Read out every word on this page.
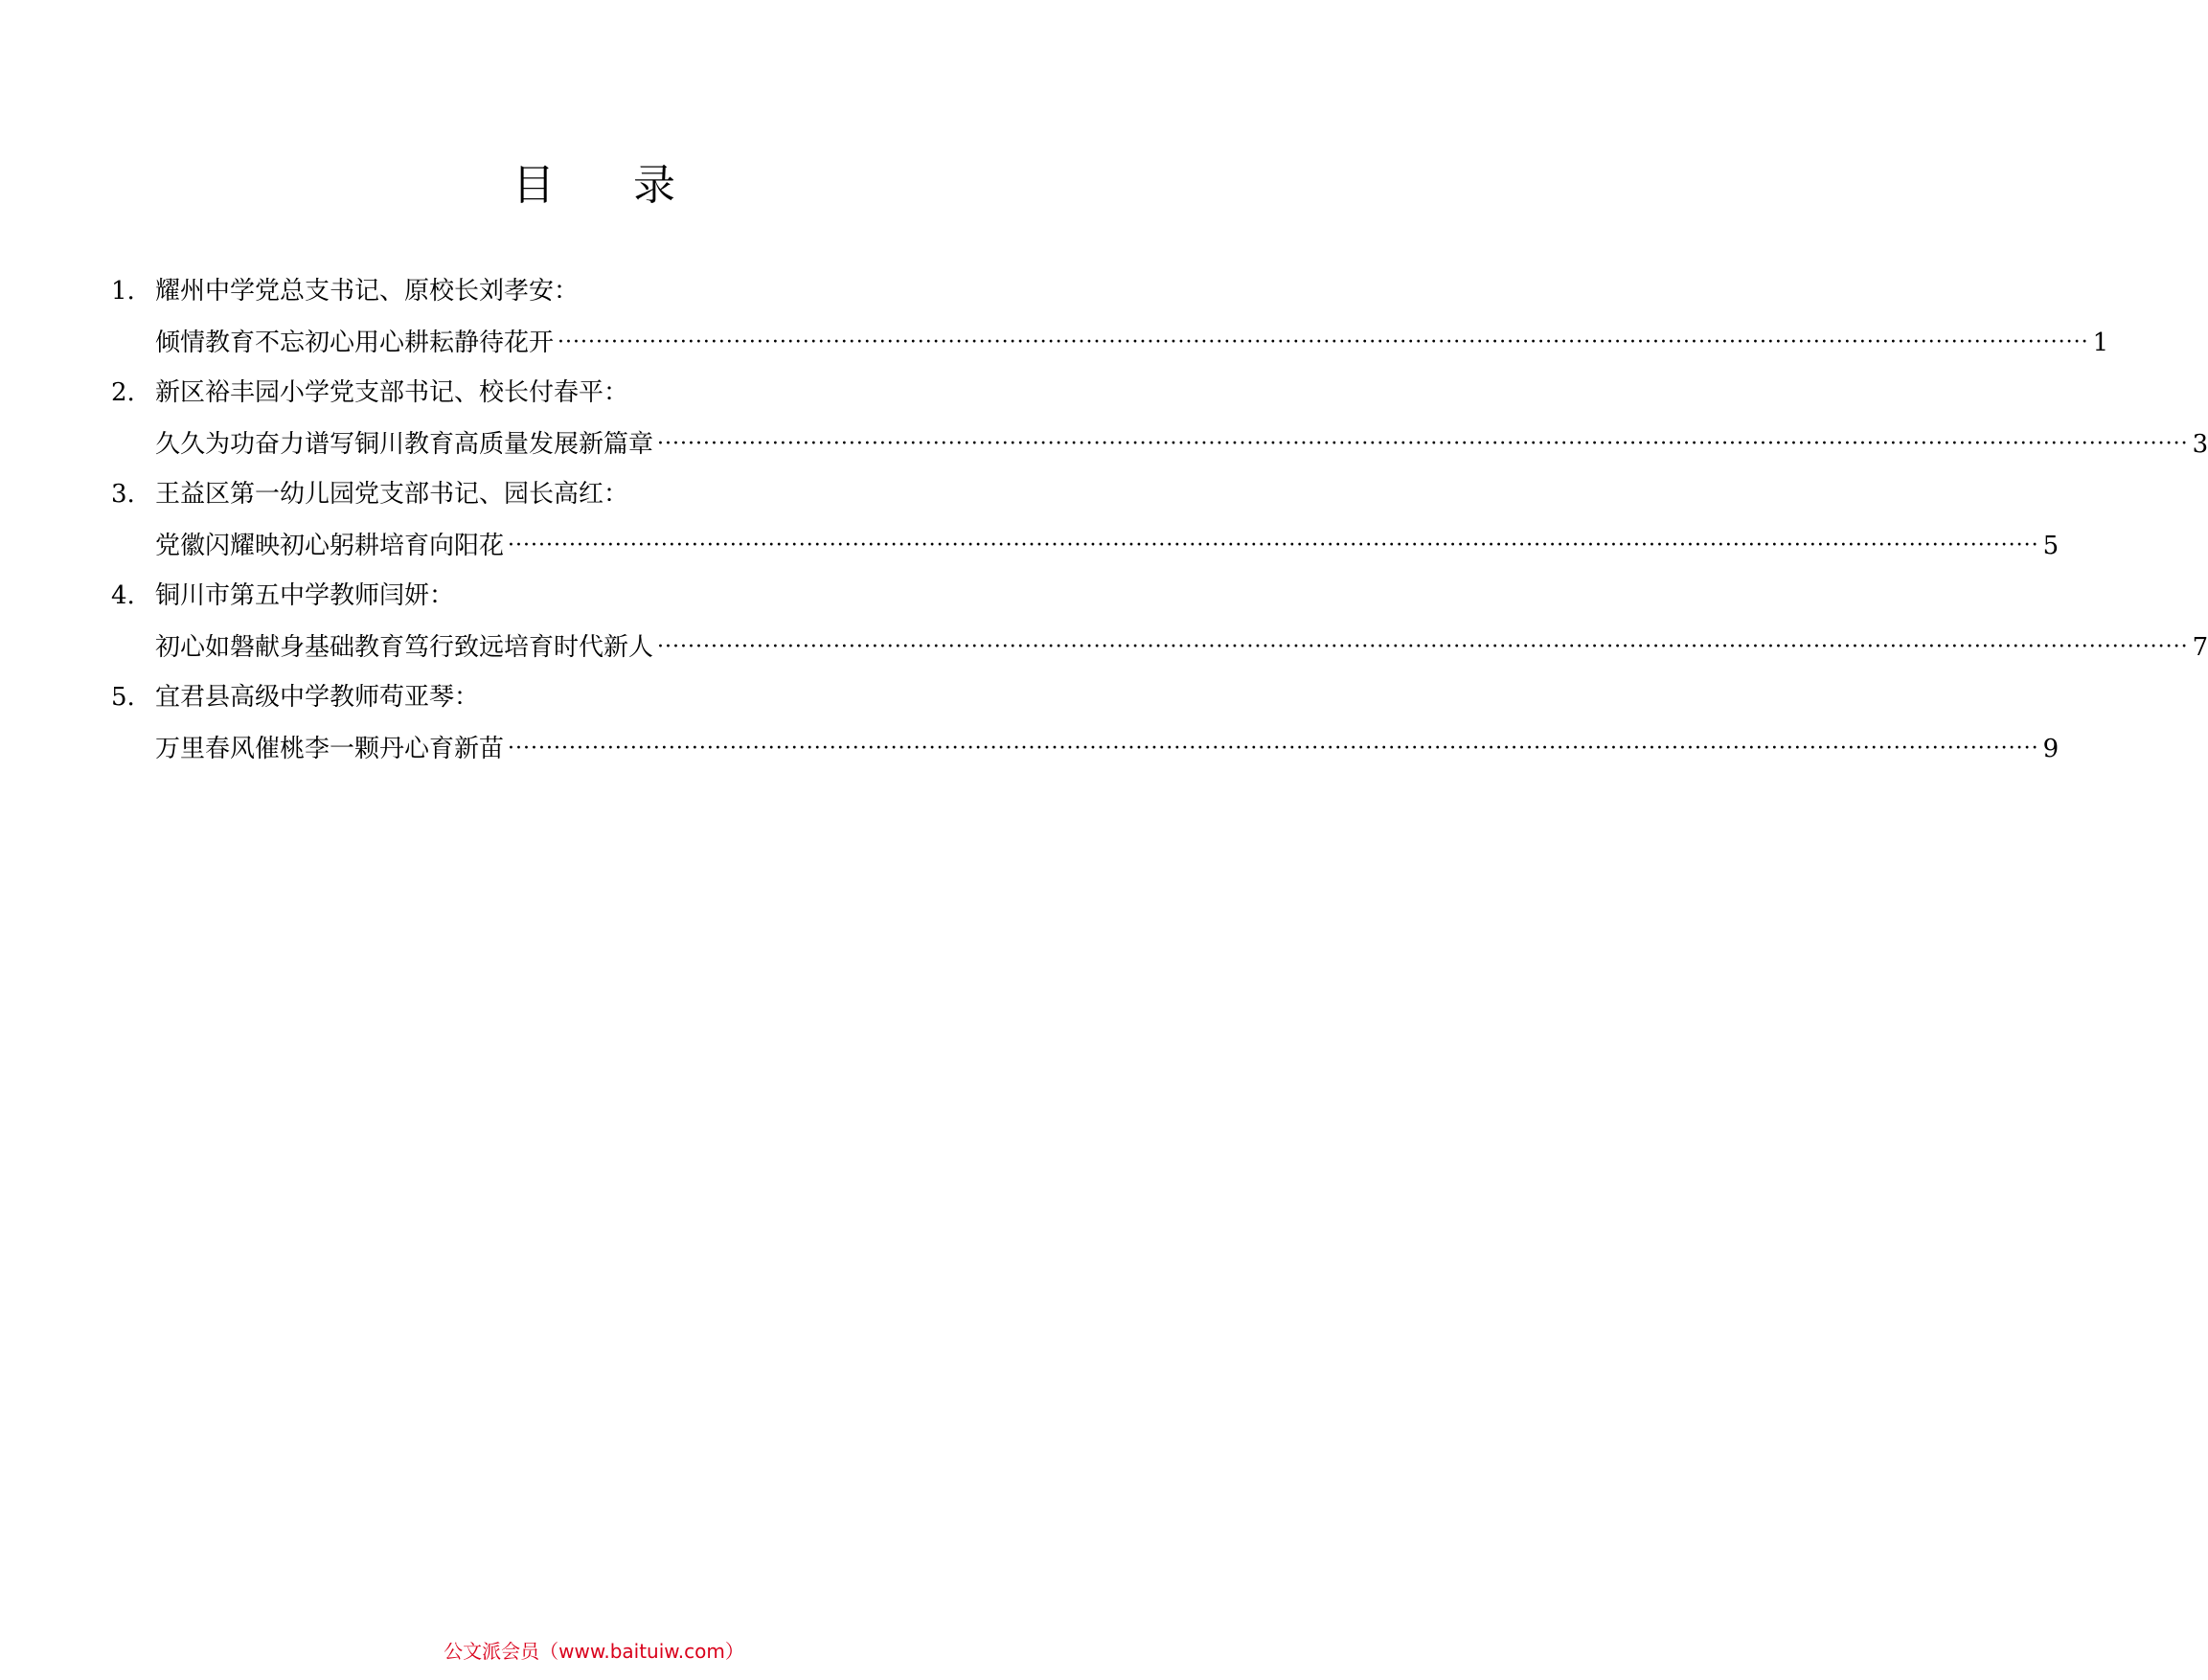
目 录
1. 耀州中学党总支书记、原校长刘孝安：
倾情教育不忘初心用心耕耘静待花开 ········································································································································································································ 1
2. 新区裕丰园小学党支部书记、校长付春平：
久久为功奋力谱写铜川教育高质量发展新篇章 ········································································································································································································ 3
3. 王益区第一幼儿园党支部书记、园长高红：
党徽闪耀映初心躬耕培育向阳花 ········································································································································································································ 5
4. 铜川市第五中学教师闫妍：
初心如磐献身基础教育笃行致远培育时代新人 ········································································································································································································ 7
5. 宜君县高级中学教师苟亚琴：
万里春风催桃李一颗丹心育新苗 ········································································································································································································ 9
公文派会员（www.baituiw.com）
